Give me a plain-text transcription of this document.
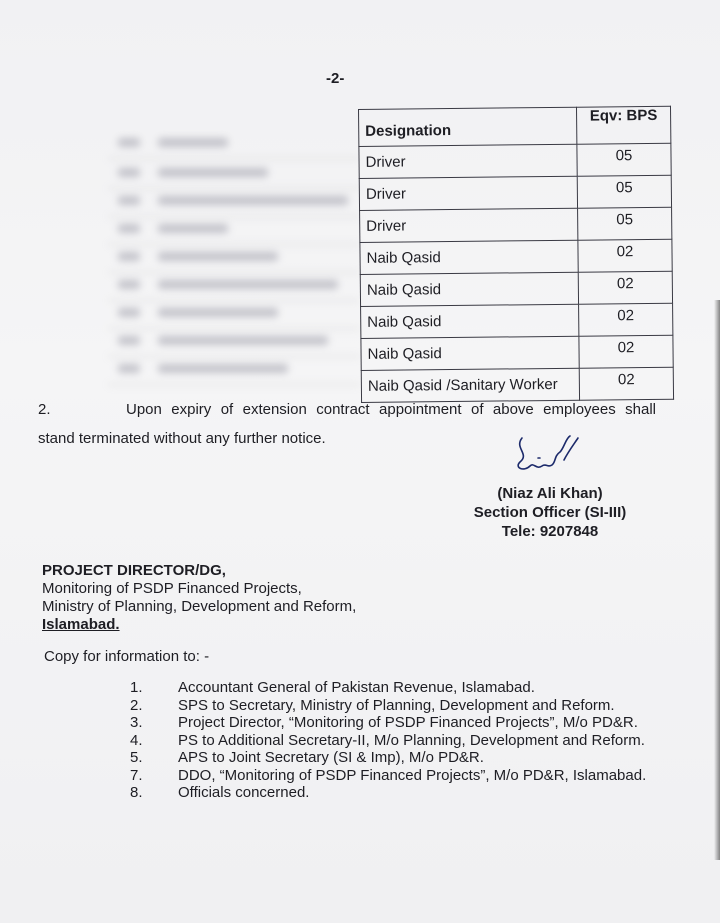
-2-
Designation	Eqv: BPS
Driver	05
Driver	05
Driver	05
Naib Qasid	02
Naib Qasid	02
Naib Qasid	02
Naib Qasid	02
Naib Qasid /Sanitary Worker	02
2.	Upon expiry of extension contract appointment of above employees shall
stand terminated without any further notice.
(Niaz Ali Khan)
Section Officer (SI-III)
Tele: 9207848
PROJECT DIRECTOR/DG,
Monitoring of PSDP Financed Projects,
Ministry of Planning, Development and Reform,
Islamabad.
Copy for information to: -
1. Accountant General of Pakistan Revenue, Islamabad.
2. SPS to Secretary, Ministry of Planning, Development and Reform.
3. Project Director, “Monitoring of PSDP Financed Projects”, M/o PD&R.
4. PS to Additional Secretary-II, M/o Planning, Development and Reform.
5. APS to Joint Secretary (SI & Imp), M/o PD&R.
7. DDO, “Monitoring of PSDP Financed Projects”, M/o PD&R, Islamabad.
8. Officials concerned.
